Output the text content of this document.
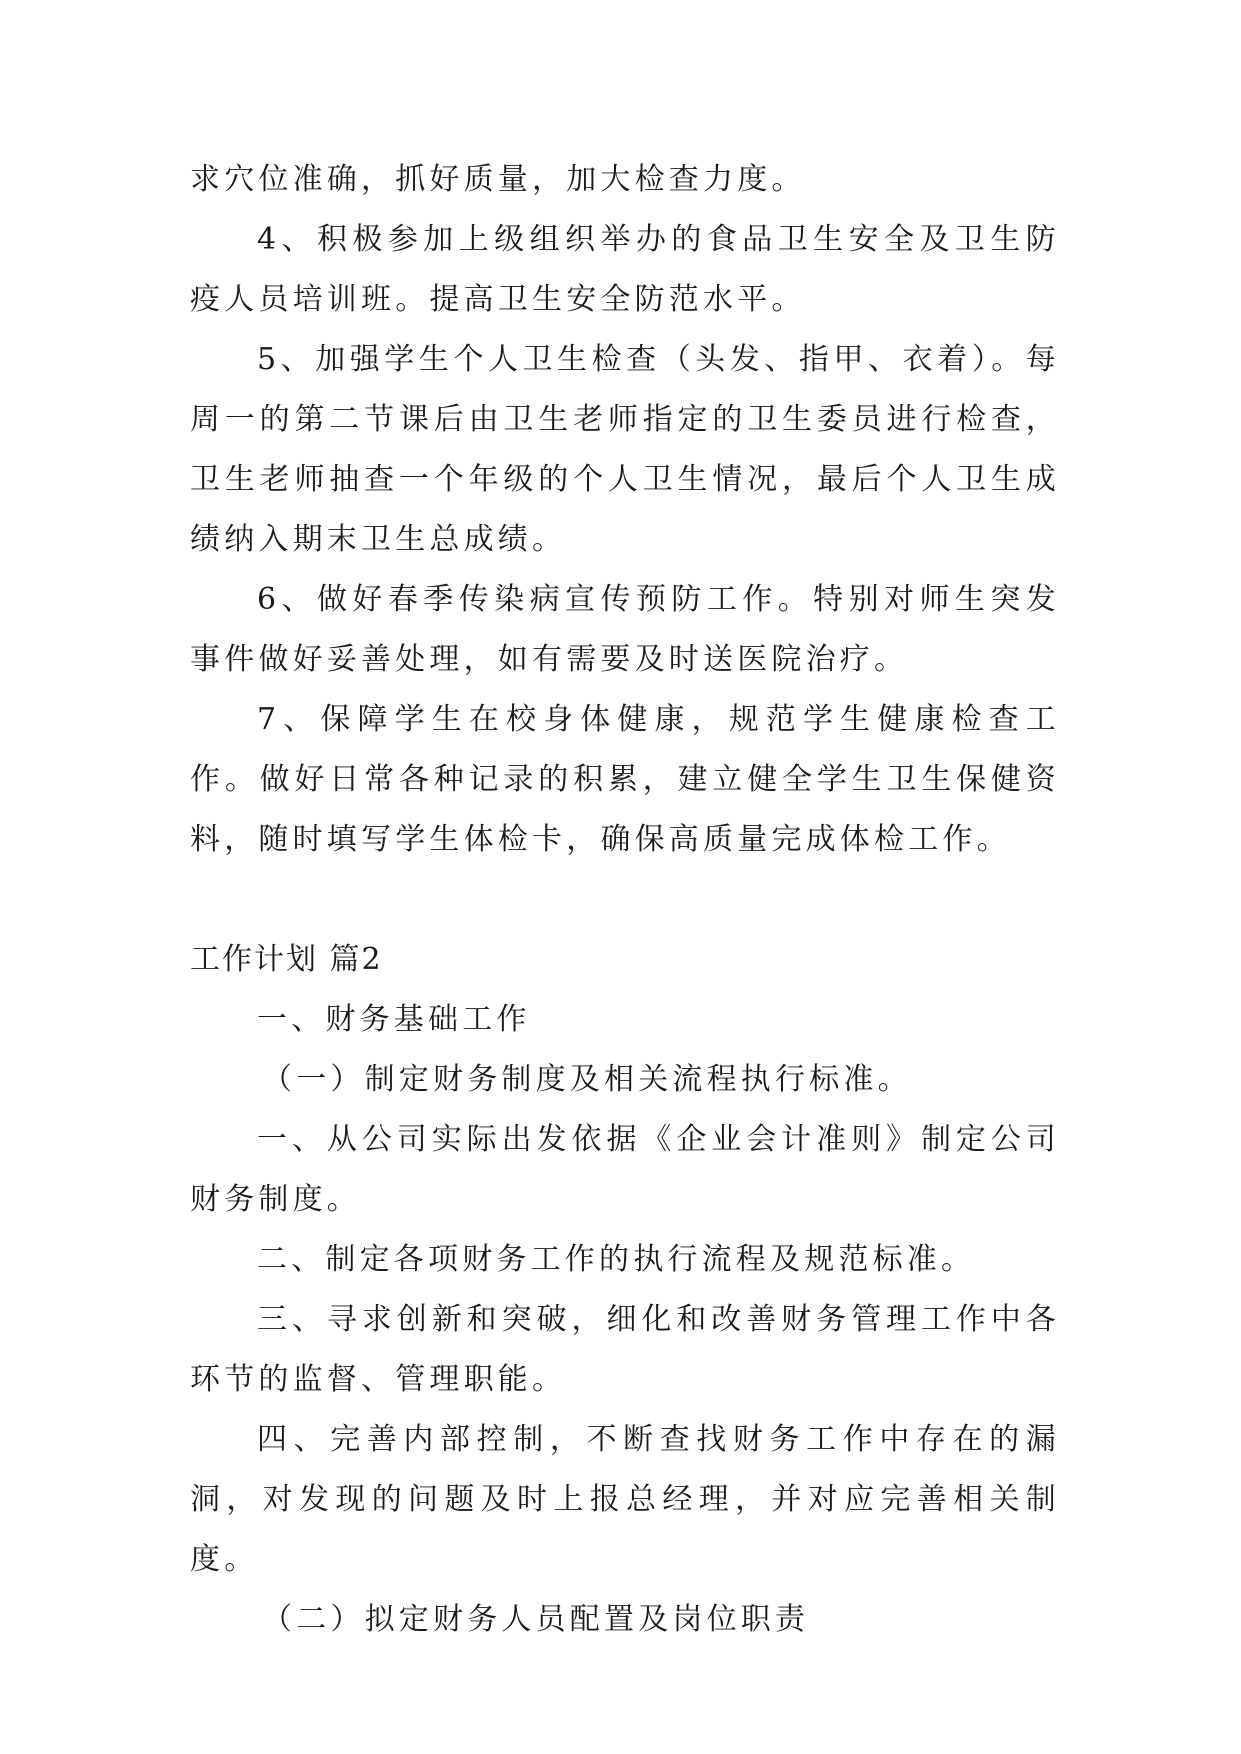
求穴位准确，抓好质量，加大检查力度。

4、积极参加上级组织举办的食品卫生安全及卫生防疫人员培训班。提高卫生安全防范水平。

5、加强学生个人卫生检查（头发、指甲、衣着）。每周一的第二节课后由卫生老师指定的卫生委员进行检查，卫生老师抽查一个年级的个人卫生情况，最后个人卫生成绩纳入期末卫生总成绩。

6、做好春季传染病宣传预防工作。特别对师生突发事件做好妥善处理，如有需要及时送医院治疗。

7、保障学生在校身体健康，规范学生健康检查工作。做好日常各种记录的积累，建立健全学生卫生保健资料，随时填写学生体检卡，确保高质量完成体检工作。

工作计划 篇2

一、财务基础工作

（一）制定财务制度及相关流程执行标准。

一、从公司实际出发依据《企业会计准则》制定公司财务制度。

二、制定各项财务工作的执行流程及规范标准。

三、寻求创新和突破，细化和改善财务管理工作中各环节的监督、管理职能。

四、完善内部控制，不断查找财务工作中存在的漏洞，对发现的问题及时上报总经理，并对应完善相关制度。

（二）拟定财务人员配置及岗位职责
